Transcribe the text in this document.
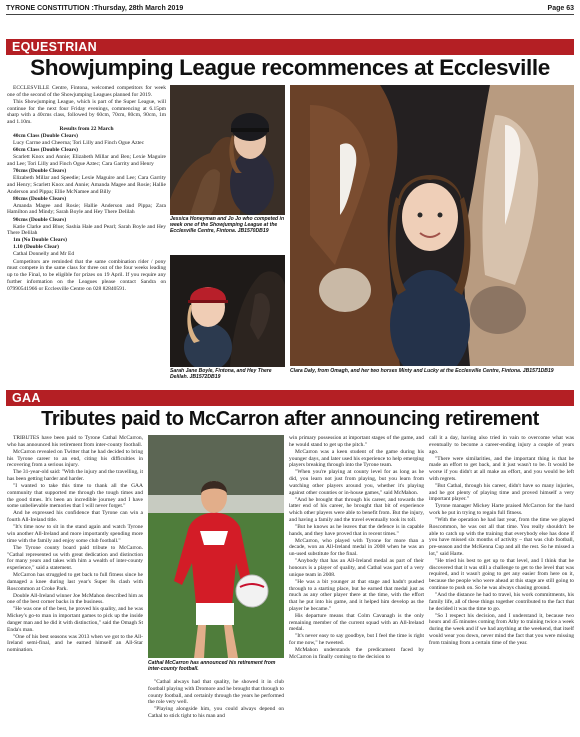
TYRONE CONSTITUTION :Thursday, 28th March 2019	Page 63
EQUESTRIAN
Showjumping League recommences at Ecclesville

ECCLESVILLE Centre, Fintona, welcomed competitors for week one of the second of the Showjumping Leagues planned for 2019.

This Showjumping League, which is part of the Super League, will continue for the next four Friday evenings, commencing at 6.15pm sharp with a 40cms class, followed by 60cm, 70cm, 80cm, 90cm, 1m and 1.10m.

Results from 22 March

40cm Class (Double Clears)

Lucy Carrne and Cheerna; Tori Lilly and Finch Ogue Aztec

60cm Class (Double Clears)

Scarlett Knox and Annie; Elizabeth Millar and Ben; Lexie Maguire and Lee; Tori Lilly and Finch Ogue Aztec; Cara Garrity and Henry

70cms (Double Clears)

Elizabeth Millar and Speedie; Lexie Maguire and Lee; Cara Garrity and Henry; Scarlett Knox and Annie; Amanda Magee and Rosie; Hallie Anderson and Pippa; Ellie McNamee and Billy

80cms (Double Clears)

Amanda Magee and Rosie; Hallie Anderson and Pippa; Zara Hamilton and Mindy; Sarah Boyle and Hey There Delilah

90cms (Double Clears)

Katie Clarke and Blue; Sashia Hale and Pearl; Sarah Boyle and Hey There Delilah

1m (No Double Clears)

1.10 (Double Clear)

Cathal Donnelly and Mr Ed

Competitors are reminded that the same combination rider / pony must compete in the same class for three out of the four weeks leading up to the Final, to be eligible for prizes on 19 April. If you require any further information on the Leagues please contact Sandra on 07990541966 or Ecclesville Centre on 028 82840591.

Jessica Honeyman and Jo Jo who competed in week one of the Showjumping League at the Ecclesville Centre, Fintona. JB1570DB19
Sarah Jane Boyle, Fintona, and Hey There Delilah. JB1572DB19
Clara Daly, from Omagh, and her two horses Minty and Lucky at the Ecclesville Centre, Fintona. JB1571DB19
GAA
Tributes paid to McCarron after announcing retirement

TRIBUTES have been paid to Tyrone Cathal McCarron, who has announced his retirement from inter-county football.

McCarron revealed on Twitter that he had decided to bring his Tyrone career to an end, citing his difficulties in recovering from a serious injury.

The 31-year-old said: "With the injury and the travelling, it has been getting harder and harder.

"I wanted to take this time to thank all the GAA community that supported me through the tough times and the good times. It's been an incredible journey and I have some unbelievable memories that I will never forget."

And he expressed his confidence that Tyrone can win a fourth All-Ireland title.

"It's time now to sit in the stand again and watch Tyrone win another All-Ireland and more importantly spending more time with the family and enjoy some club football."

The Tyrone county board paid tribute to McCarron. "Cathal represented us with great dedication and distinction for many years and takes with him a wealth of inter-county experience," said a statement.

McCarron has struggled to get back to full fitness since he damaged a knee during last year's Super 8s clash with Roscommon at Croke Park.

Double All-Ireland winner Joe McMahon described him as one of the best corner backs in the business.

"He was one of the best, he proved his quality, and he was Mickey's go-to man in important games to pick up the inside danger man and he did it with distinction," said the Omagh St Enda's man.

"One of his best seasons was 2013 when we got to the All-Ireland semi-final, and he earned himself an All-Star nomination.

Cathal McCarron has announced his retirement from inter-county football.

"Cathal always had that quality, he showed it in club football playing with Dromore and he brought that through to county football, and certainly through the years he performed the role very well.

"Playing alongside him, you could always depend on Cathal to stick tight to his man and

win primary possession at important stages of the game, and he would stand to get up the pitch."

McCarron was a keen student of the game during his younger days, and later used his experience to help emerging players breaking through into the Tyrone team.

"When you're playing at county level for as long as he did, you learn not just from playing, but you learn from watching other players around you, whether it's playing against other counties or in-house games," said McMahon.

"And he brought that through his career, and towards the latter end of his career, he brought that bit of experience which other players were able to benefit from. But the injury, and having a family and the travel eventually took its toll.

"But he knows as he leaves that the defence is in capable hands, and they have proved that in recent times."

McCarron, who played with Tyrone for more than a decade, won an All-Ireland medal in 2008 when he was an un-used substitute for the final.

"Anybody that has an All-Ireland medal as part of their honours is a player of quality, and Cathal was part of a very unique team in 2008.

"He was a bit younger at that stage and hadn't pushed through to a starting place, but he earned that medal just as much as any other player there at the time, with the effort that he put into his game, and it helped him develop as the player he became."

His departure means that Colm Cavanagh is the only remaining member of the current squad with an All-Ireland medal.

"It's never easy to say goodbye, but I feel the time is right for me now," he tweeted.

McMahon understands the predicament faced by McCarron in finally coming to the decision to

call it a day, having also tried in vain to overcome what was eventually to become a career-ending injury a couple of years ago.

"There were similarities, and the important thing is that he made an effort to get back, and it just wasn't to be. It would be worse if you didn't at all make an effort, and you would be left with regrets.

"But Cathal, through his career, didn't have so many injuries, and he got plenty of playing time and proved himself a very important player."

Tyrone manager Mickey Harte praised McCarron for the hard work he put in trying to regain full fitness.

"With the operation he had last year, from the time we played Roscommon, he was out all that time. You really shouldn't be able to catch up with the training that everybody else has done if you have missed six months of activity – that was club football, pre-season and the McKenna Cup and all the rest. So he missed a lot," said Harte.

"He tried his best to get up to that level, and I think that he discovered that it was still a challenge to get to the level that was required, and it wasn't going to get any easier from here on it, because the people who were ahead at this stage are still going to continue to push on. So he was always chasing ground.

"And the distance he had to travel, his work commitments, his family life, all of these things together contributed to the fact that he decided it was the time to go.

"So I respect his decision, and I understand it, because two hours and 45 minutes coming from Athy to training twice a week during the week and if we had anything at the weekend, that itself would wear you down, never mind the fact that you were missing from training from a certain time of the year.
